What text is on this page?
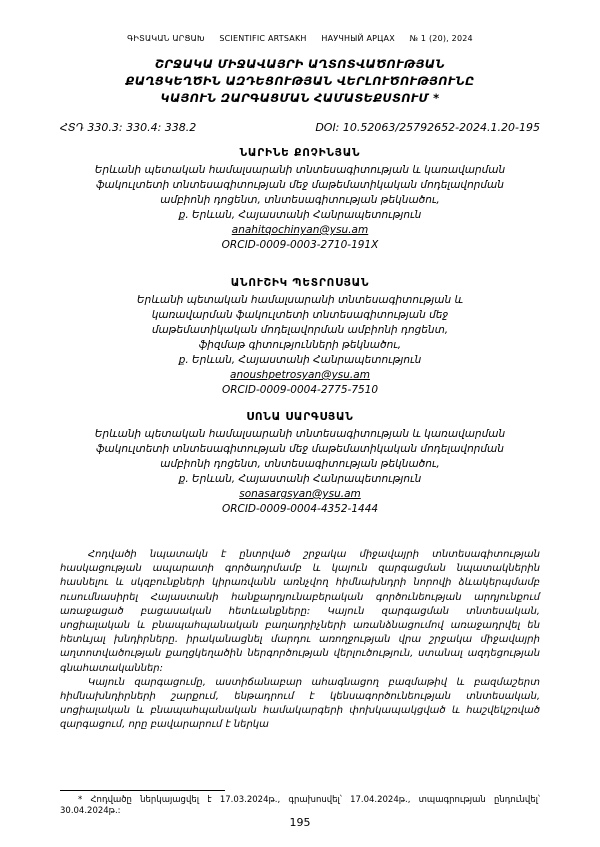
ԳԻՏԱԿԱՆ ԱՐՑԱԽ SCIENTIFIC ARTSAKH НАУЧНЫЙ АРЦАХ № 1 (20), 2024
ՇՐՋԱԿԱ ՄԻՋԱՎԱՅՐԻ ԱՂՏՈՏՎԱԾՈՒԹՅԱՆ
ՔԱՂՑԿԵՂԾԻՆ ԱԶԴԵՑՈՒԹՅԱՆ ՎԵՐԼՈՒԾՈՒԹՅՈՒՆԸ
ԿԱՅՈՒՆ ԶԱՐԳԱՑՄԱՆ ՀԱՄԱՏԵՔՍՏՈՒՄ *
ՀՏԴ 330.3: 330.4: 338.2	DOI: 10.52063/25792652-2024.1.20-195
ՆԱՐԻՆԵ ՔՈՉԻՆՅԱՆ
Երևանի պետական համալսարանի տնտեսագիտության և կառավարման
ֆակուլտետի տնտեսագիտության մեջ մաթեմատիկական մոդելավորման
ամբիոնի դոցենտ, տնտեսագիտության թեկնածու,
ք. Երևան, Հայաստանի Հանրապետություն
anahitqochinyan@ysu.am
ORCID-0009-0003-2710-191X
ԱՆՈՒՇԻԿ ՊԵՏՐՈՍՅԱՆ
Երևանի պետական համալսարանի տնտեսագիտության և
կառավարման ֆակուլտետի տնտեսագիտության մեջ
մաթեմատիկական մոդելավորման ամբիոնի դոցենտ,
ֆիզմաթ գիտությունների թեկնածու,
ք. Երևան, Հայաստանի Հանրապետություն
anoushpetrosyan@ysu.am
ORCID-0009-0004-2775-7510
ՍՈՆԱ ՍԱՐԳՍՅԱՆ
Երևանի պետական համալսարանի տնտեսագիտության և կառավարման
ֆակուլտետի տնտեսագիտության մեջ մաթեմատիկական մոդելավորման
ամբիոնի դոցենտ, տնտեսագիտության թեկնածու,
ք. Երևան, Հայաստանի Հանրապետություն
sonasargsyan@ysu.am
ORCID-0009-0004-4352-1444

Հոդվածի նպատակն է ընտրված շրջակա միջավայրի տնտեսագիտության հասկացության ապարատի գործադրմամբ և կայուն զարգացման նպատակներին հասնելու և սկզբունքների կիրառվանն առնչվող հիմնախնդրի նորովի ձևակերպմամբ ուսումնասիրել Հայաստանի հանքարդյունաբերական գործունեության արդյունքում առաջացած բացասական հետևանքները: Կայուն զարգացման տնտեսական, սոցիալական և բնապահպանական բաղադրիչների առանձնացումով առաջադրվել են հետևյալ խնդիրները. իրականացնել մարդու առողջության վրա շրջակա միջավայրի աղտոտվածության քաղցկեղածին ներգործության վերլուծություն, ստանալ ազդեցության գնահատականներ:

Կայուն զարգացումը, աստիճանաբար ահագնացող բազմաթիվ և բազմաշերտ հիմնախնդիրների շարքում, ենթադրում է կենսագործունեության տնտեսական, սոցիալական և բնապահպանական համակարգերի փոխկապակցված և հաշվեկշռված զարգացում, որը բավարարում է ներկա

* Հոդվածը ներկայացվել է 17.03.2024թ., գրախոսվել՝ 17.04.2024թ., տպագրության ընդունվել՝ 30.04.2024թ.:
195
